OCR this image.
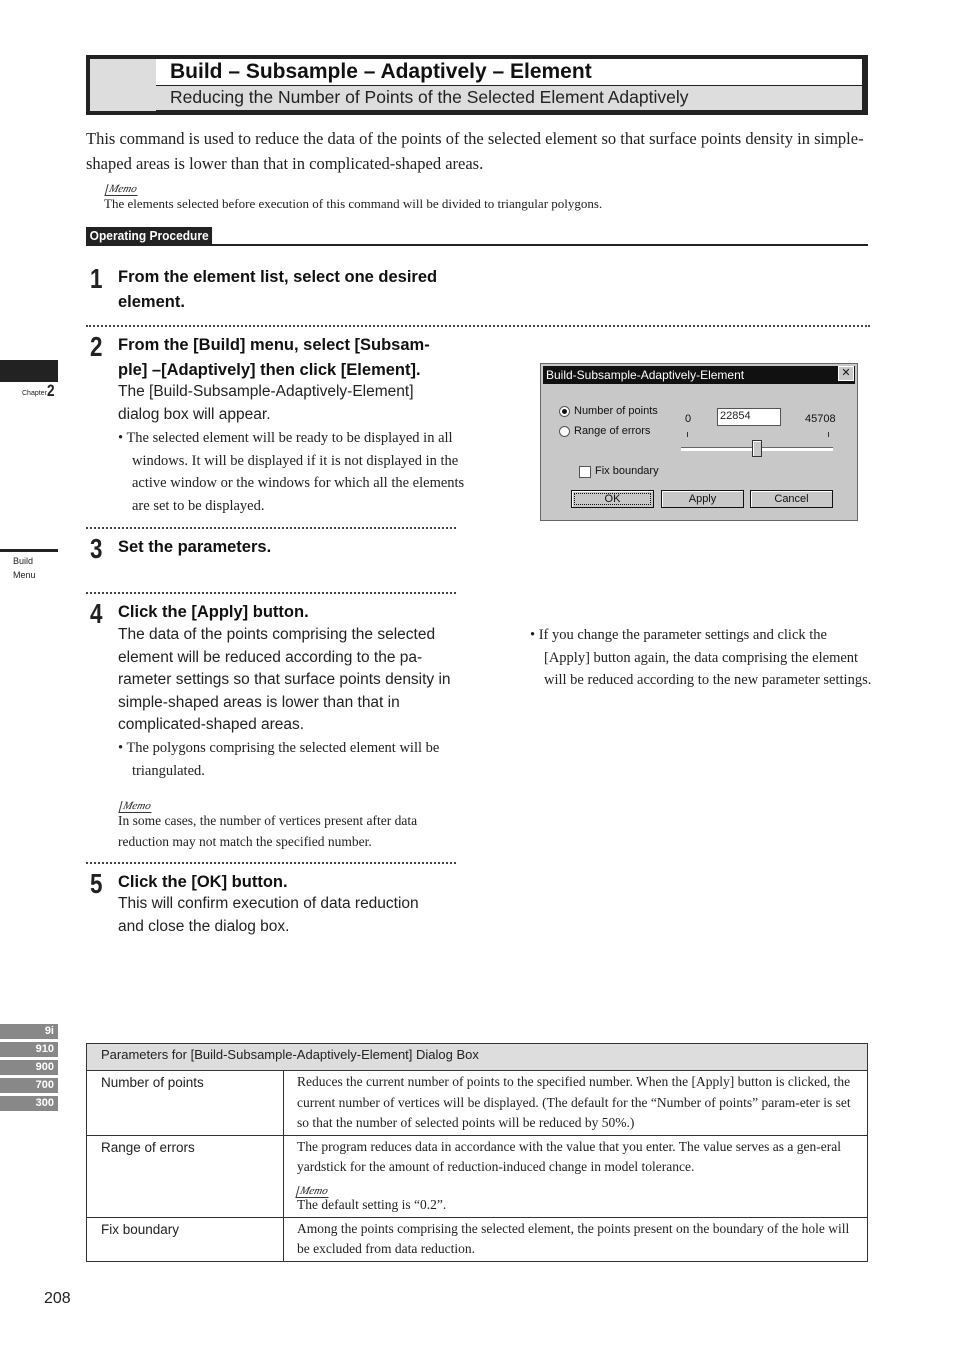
Build – Subsample – Adaptively – Element
Reducing the Number of Points of the Selected Element Adaptively
This command is used to reduce the data of the points of the selected element so that surface points density in simple-shaped areas is lower than that in complicated-shaped areas.
Memo
The elements selected before execution of this command will be divided to triangular polygons.
Operating Procedure
1 From the element list, select one desired element.
2 From the [Build] menu, select [Subsam-ple] –[Adaptively] then click [Element].
The [Build-Subsample-Adaptively-Element] dialog box will appear.
• The selected element will be ready to be displayed in all windows. It will be displayed if it is not displayed in the active window or the windows for which all the elements are set to be displayed.
3 Set the parameters.
4 Click the [Apply] button.
The data of the points comprising the selected element will be reduced according to the pa-rameter settings so that surface points density in simple-shaped areas is lower than that in complicated-shaped areas.
• The polygons comprising the selected element will be triangulated.
Memo
In some cases, the number of vertices present after data reduction may not match the specified number.
• If you change the parameter settings and click the [Apply] button again, the data comprising the element will be reduced according to the new parameter settings.
5 Click the [OK] button.
This will confirm execution of data reduction and close the dialog box.
Chapter 2
Build
Menu
9i
910
900
700
300
Build-Subsample-Adaptively-Element	✕
Number of points
Range of errors
0	22854	45708
Fix boundary
OK	Apply	Cancel
Parameters for [Build-Subsample-Adaptively-Element] Dialog Box	
Number of points	Reduces the current number of points to the specified number. When the [Apply] button is clicked, the current number of vertices will be displayed. (The default for the “Number of points” param-eter is set so that the number of selected points will be reduced by 50%.)
Range of errors	The program reduces data in accordance with the value that you enter. The value serves as a gen-eral yardstick for the amount of reduction-induced change in model tolerance.
Memo
The default setting is “0.2”.

Fix boundary	Among the points comprising the selected element, the points present on the boundary of the hole will be excluded from data reduction.
208
